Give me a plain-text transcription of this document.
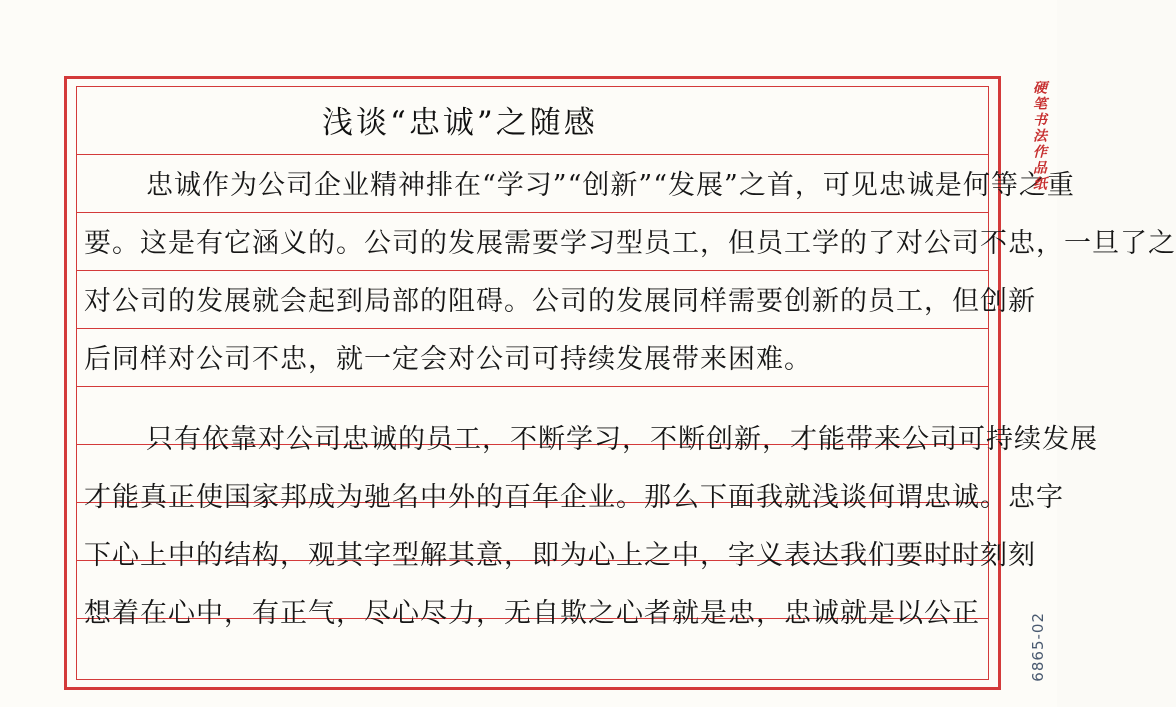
浅谈“忠诚”之随感
忠诚作为公司企业精神排在“学习”“创新”“发展”之首，可见忠诚是何等之重
要。这是有它涵义的。公司的发展需要学习型员工，但员工学的了对公司不忠，一旦了之
对公司的发展就会起到局部的阻碍。公司的发展同样需要创新的员工，但创新
后同样对公司不忠，就一定会对公司可持续发展带来困难。
只有依靠对公司忠诚的员工，不断学习，不断创新，才能带来公司可持续发展
才能真正使国家邦成为驰名中外的百年企业。那么下面我就浅谈何谓忠诚。忠字
下心上中的结构，观其字型解其意，即为心上之中，字义表达我们要时时刻刻
想着在心中，有正气，尽心尽力，无自欺之心者就是忠，忠诚就是以公正
硬笔书法作品纸
6865-02
